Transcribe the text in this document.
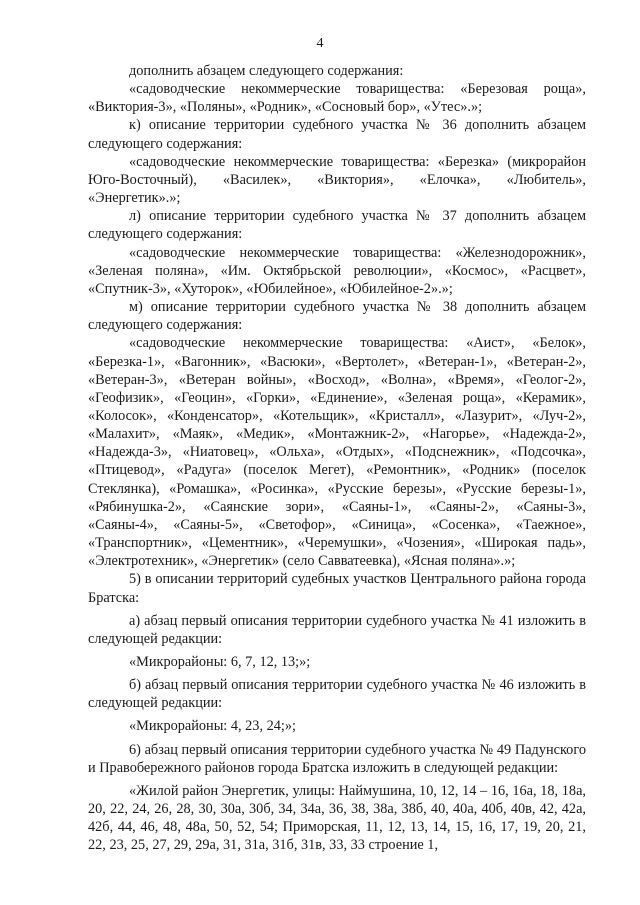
4

дополнить абзацем следующего содержания:

«садоводческие некоммерческие товарищества: «Березовая роща», «Виктория-3», «Поляны», «Родник», «Сосновый бор», «Утес».»;

к) описание территории судебного участка № 36 дополнить абзацем следующего содержания:

«садоводческие некоммерческие товарищества: «Березка» (микрорайон Юго-Восточный), «Василек», «Виктория», «Елочка», «Любитель», «Энергетик».»;

л) описание территории судебного участка № 37 дополнить абзацем следующего содержания:

«садоводческие некоммерческие товарищества: «Железнодорожник», «Зеленая поляна», «Им. Октябрьской революции», «Космос», «Расцвет», «Спутник-3», «Хуторок», «Юбилейное», «Юбилейное-2».»;

м) описание территории судебного участка № 38 дополнить абзацем следующего содержания:

«садоводческие некоммерческие товарищества: «Аист», «Белок», «Березка-1», «Вагонник», «Васюки», «Вертолет», «Ветеран-1», «Ветеран-2», «Ветеран-3», «Ветеран войны», «Восход», «Волна», «Время», «Геолог-2», «Геофизик», «Геоцин», «Горки», «Единение», «Зеленая роща», «Керамик», «Колосок», «Конденсатор», «Котельщик», «Кристалл», «Лазурит», «Луч-2», «Малахит», «Маяк», «Медик», «Монтажник-2», «Нагорье», «Надежда-2», «Надежда-3», «Ниатовец», «Ольха», «Отдых», «Подснежник», «Подсочка», «Птицевод», «Радуга» (поселок Мегет), «Ремонтник», «Родник» (поселок Стеклянка), «Ромашка», «Росинка», «Русские березы», «Русские березы-1», «Рябинушка-2», «Саянские зори», «Саяны-1», «Саяны-2», «Саяны-3», «Саяны-4», «Саяны-5», «Светофор», «Синица», «Сосенка», «Таежное», «Транспортник», «Цементник», «Черемушки», «Чозения», «Широкая падь», «Электротехник», «Энергетик» (село Савватеевка), «Ясная поляна».»;

5) в описании территорий судебных участков Центрального района города Братска:

а) абзац первый описания территории судебного участка № 41 изложить в следующей редакции:

«Микрорайоны: 6, 7, 12, 13;»;

б) абзац первый описания территории судебного участка № 46 изложить в следующей редакции:

«Микрорайоны: 4, 23, 24;»;

6) абзац первый описания территории судебного участка № 49 Падунского и Правобережного районов города Братска изложить в следующей редакции:

«Жилой район Энергетик, улицы: Наймушина, 10, 12, 14 – 16, 16а, 18, 18а, 20, 22, 24, 26, 28, 30, 30а, 30б, 34, 34а, 36, 38, 38а, 38б, 40, 40а, 40б, 40в, 42, 42а, 42б, 44, 46, 48, 48а, 50, 52, 54; Приморская, 11, 12, 13, 14, 15, 16, 17, 19, 20, 21, 22, 23, 25, 27, 29, 29а, 31, 31а, 31б, 31в, 33, 33 строение 1,
